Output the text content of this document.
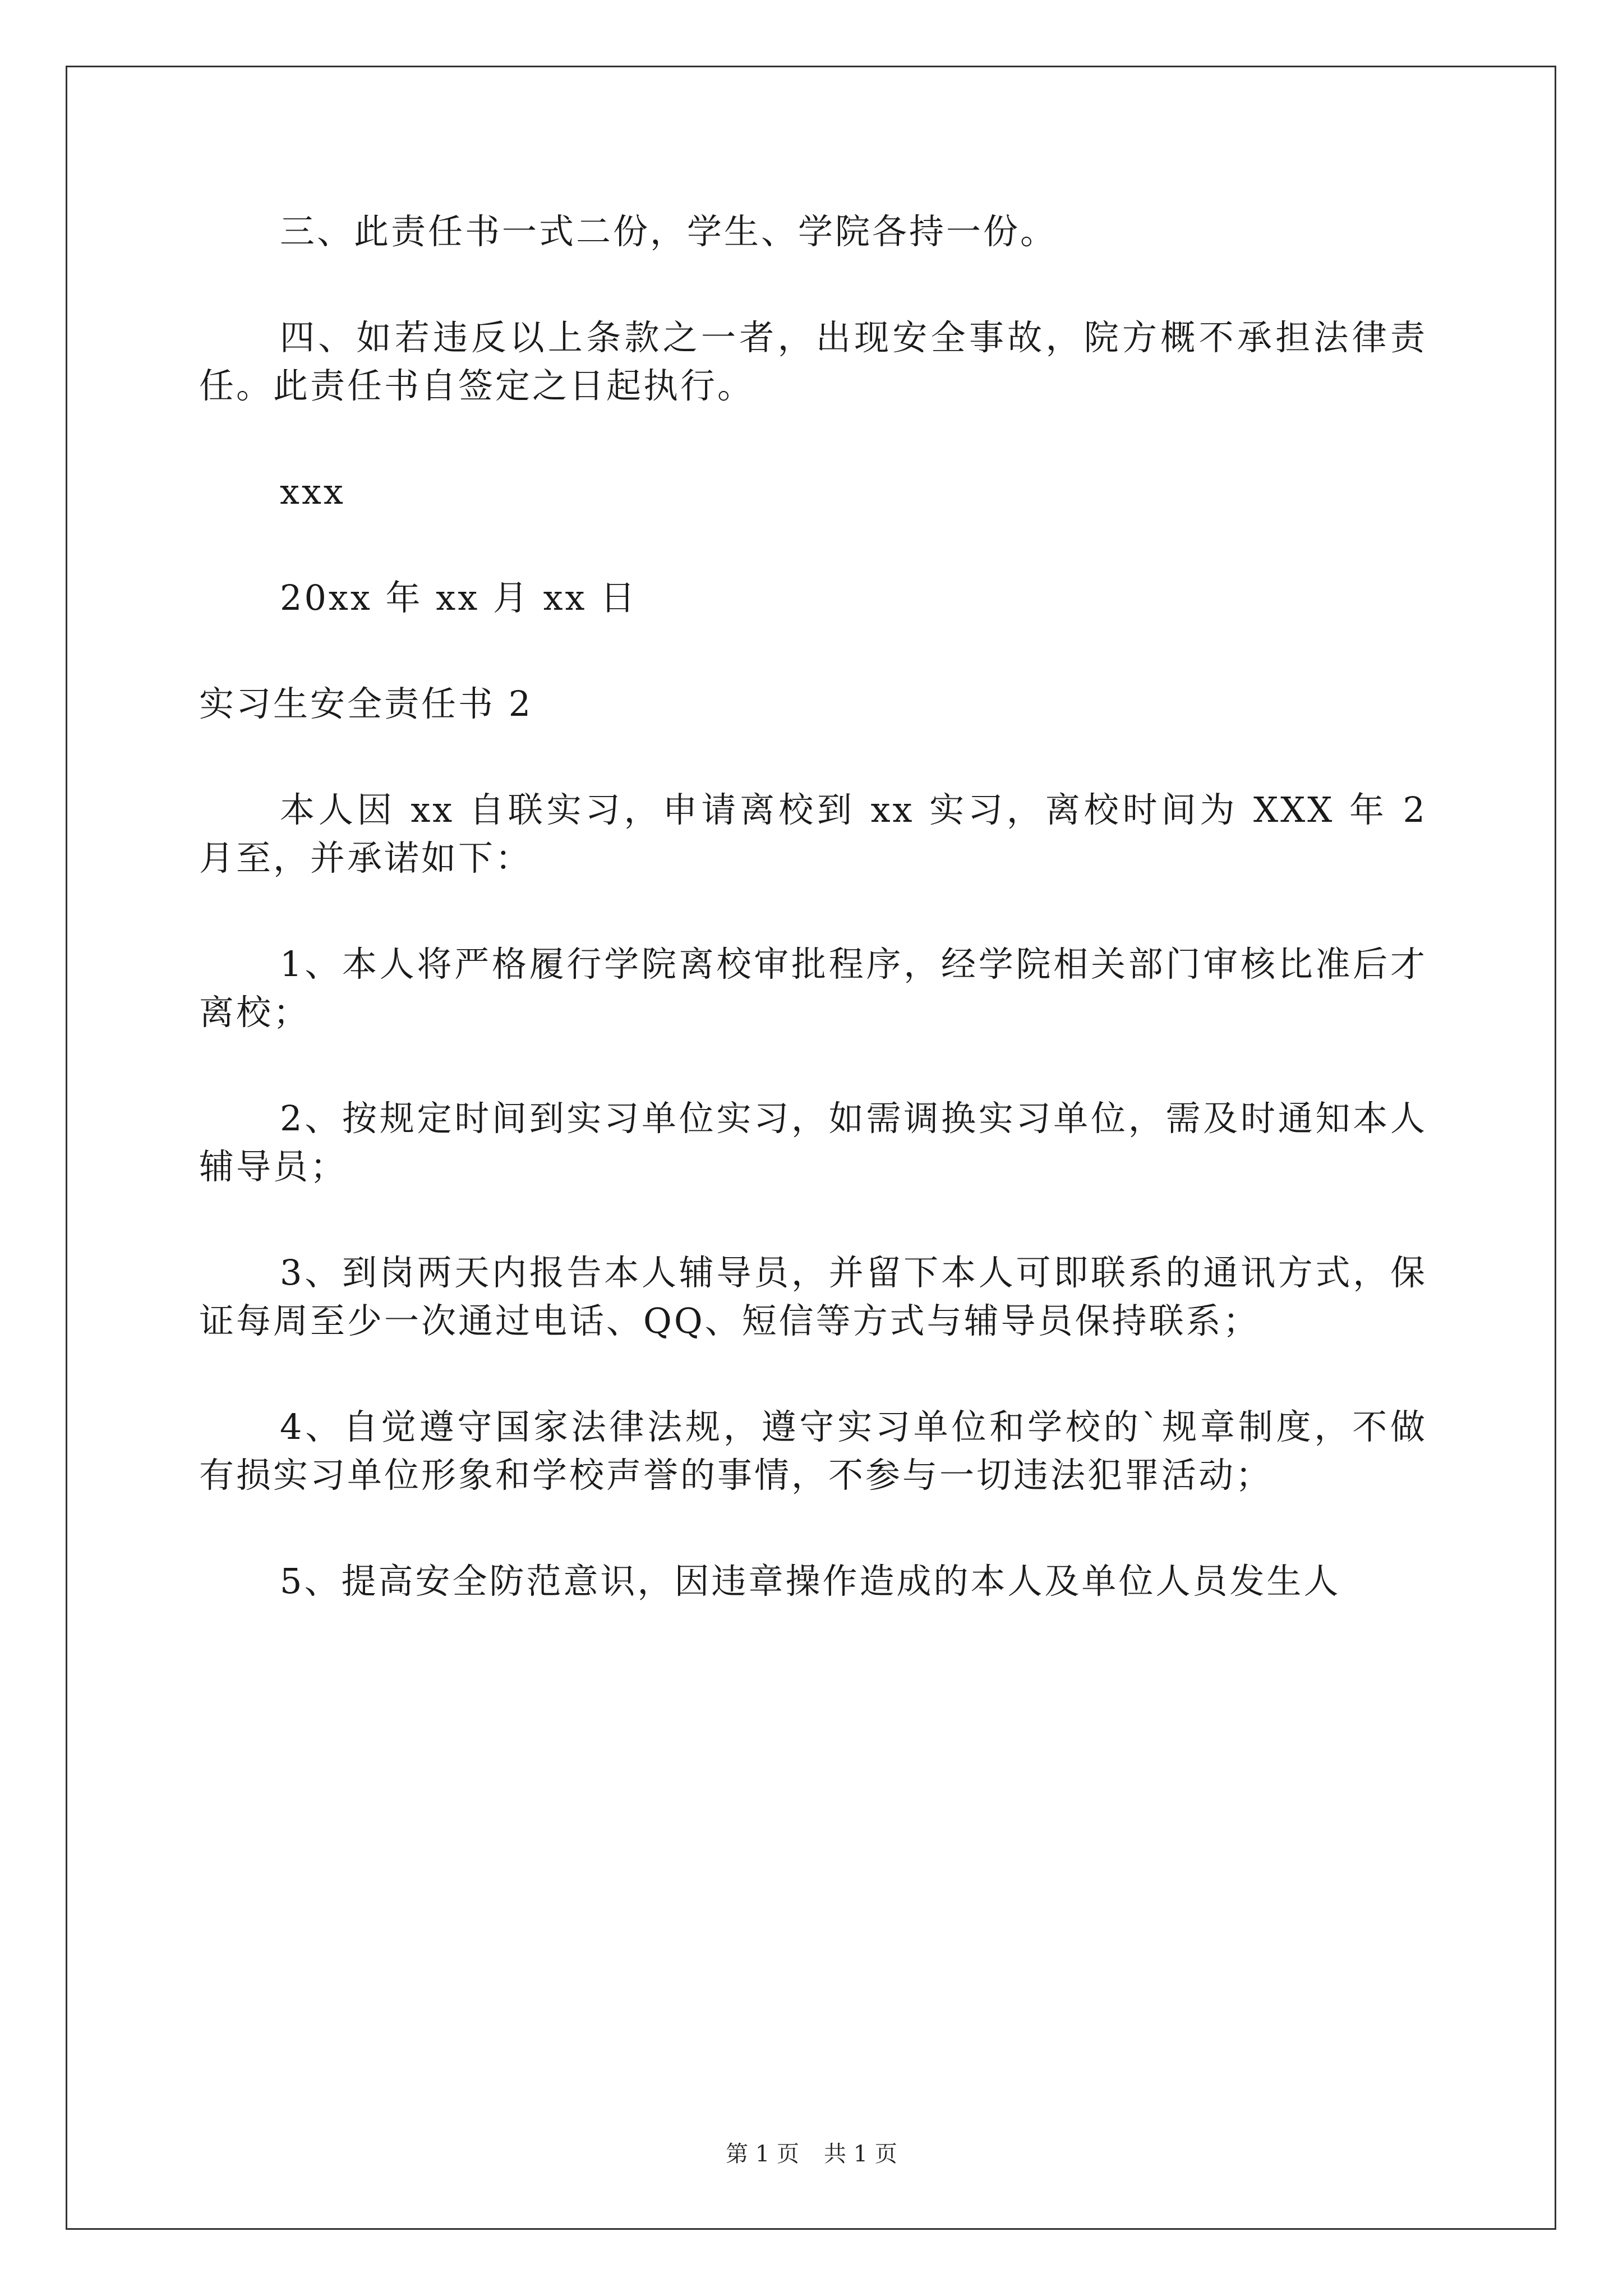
三、此责任书一式二份，学生、学院各持一份。

四、如若违反以上条款之一者，出现安全事故，院方概不承担法律责任。此责任书自签定之日起执行。

xxx

20xx 年 xx 月 xx 日

实习生安全责任书 2

本人因 xx 自联实习，申请离校到 xx 实习，离校时间为 XXX 年 2 月至，并承诺如下：

1、本人将严格履行学院离校审批程序，经学院相关部门审核比准后才离校；

2、按规定时间到实习单位实习，如需调换实习单位，需及时通知本人辅导员；

3、到岗两天内报告本人辅导员，并留下本人可即联系的通讯方式，保证每周至少一次通过电话、QQ、短信等方式与辅导员保持联系；

4、自觉遵守国家法律法规，遵守实习单位和学校的`规章制度，不做有损实习单位形象和学校声誉的事情，不参与一切违法犯罪活动；

5、提高安全防范意识，因违章操作造成的本人及单位人员发生人

第 1 页 共 1 页
